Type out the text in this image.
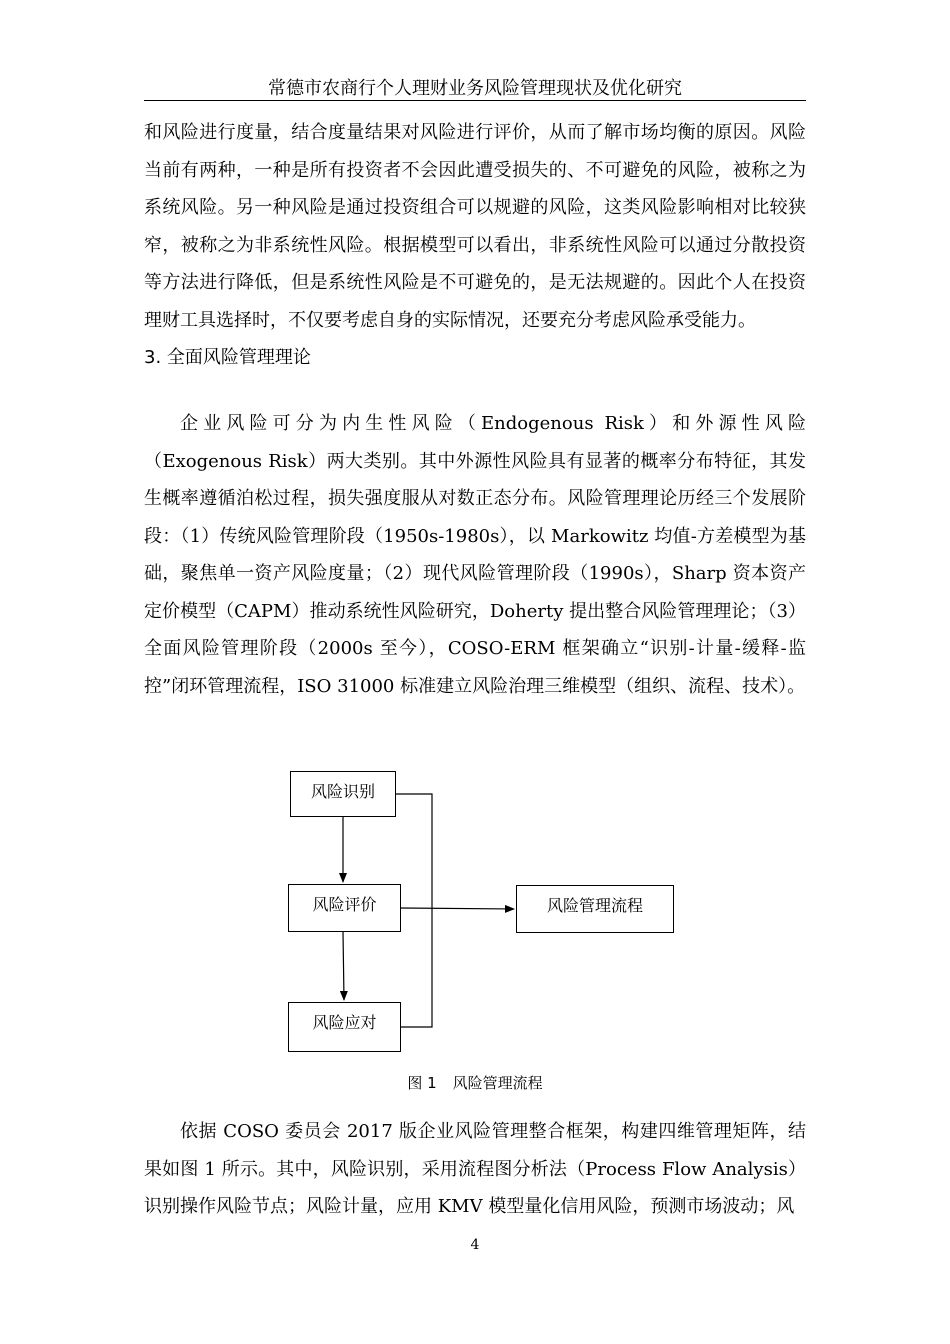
常德市农商行个人理财业务风险管理现状及优化研究

和风险进行度量，结合度量结果对风险进行评价，从而了解市场均衡的原因。风险当前有两种，一种是所有投资者不会因此遭受损失的、不可避免的风险，被称之为系统风险。另一种风险是通过投资组合可以规避的风险，这类风险影响相对比较狭窄，被称之为非系统性风险。根据模型可以看出，非系统性风险可以通过分散投资等方法进行降低，但是系统性风险是不可避免的，是无法规避的。因此个人在投资理财工具选择时，不仅要考虑自身的实际情况，还要充分考虑风险承受能力。

3. 全面风险管理理论

企业风险可分为内生性风险（Endogenous Risk）和外源性风险（Exogenous Risk）两大类别。其中外源性风险具有显著的概率分布特征，其发生概率遵循泊松过程，损失强度服从对数正态分布。风险管理理论历经三个发展阶段：（1）传统风险管理阶段（1950s-1980s），以 Markowitz 均值-方差模型为基础，聚焦单一资产风险度量；（2）现代风险管理阶段（1990s），Sharp 资本资产定价模型（CAPM）推动系统性风险研究，Doherty 提出整合风险管理理论；（3）全面风险管理阶段（2000s 至今），COSO-ERM 框架确立“识别-计量-缓释-监控”闭环管理流程，ISO 31000 标准建立风险治理三维模型（组织、流程、技术）。

风险识别
风险评价
风险应对
风险管理流程
图 1 风险管理流程

依据 COSO 委员会 2017 版企业风险管理整合框架，构建四维管理矩阵，结果如图 1 所示。其中，风险识别，采用流程图分析法（Process Flow Analysis）识别操作风险节点；风险计量，应用 KMV 模型量化信用风险，预测市场波动；风

4
